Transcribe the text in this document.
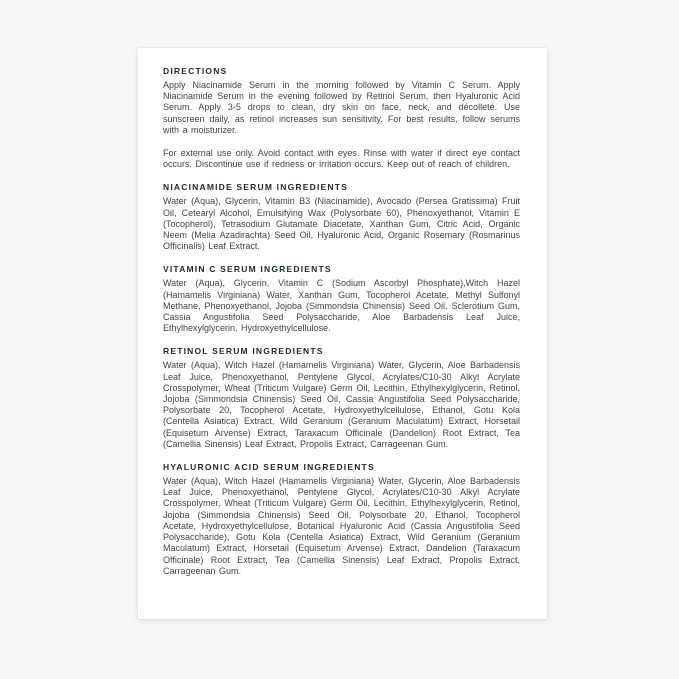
DIRECTIONS

Apply Niacinamide Serum in the morning followed by Vitamin C Serum. Apply Niacinamide Serum in the evening followed by Retinol Serum, then Hyaluronic Acid Serum. Apply 3-5 drops to clean, dry skin on face, neck, and décolleté. Use sunscreen daily, as retinol increases sun sensitivity. For best results, follow serums with a moisturizer.

For external use only. Avoid contact with eyes. Rinse with water if direct eye contact occurs. Discontinue use if redness or irritation occurs. Keep out of reach of children.

NIACINAMIDE SERUM INGREDIENTS

Water (Aqua), Glycerin, Vitamin B3 (Niacinamide), Avocado (Persea Gratissima) Fruit Oil, Cetearyl Alcohol, Emulsifying Wax (Polysorbate 60), Phenoxyethanol, Vitamin E (Tocopherol), Tetrasodium Glutamate Diacetate, Xanthan Gum, Citric Acid, Organic Neem (Melia Azadirachta) Seed Oil, Hyaluronic Acid, Organic Rosemary (Rosmarinus Officinalis) Leaf Extract.

VITAMIN C SERUM INGREDIENTS

Water (Aqua), Glycerin, Vitamin C (Sodium Ascorbyl Phosphate),Witch Hazel (Hamamelis Virginiana) Water, Xanthan Gum, Tocopherol Acetate, Methyl Sulfonyl Methane, Phenoxyethanol, Jojoba (Simmondsia Chinensis) Seed Oil, Sclerotium Gum, Cassia Angustifolia Seed Polysaccharide, Aloe Barbadensis Leaf Juice, Ethylhexylglycerin, Hydroxyethylcellulose.

RETINOL SERUM INGREDIENTS

Water (Aqua), Witch Hazel (Hamamelis Virginiana) Water, Glycerin, Aloe Barbadensis Leaf Juice, Phenoxyethanol, Pentylene Glycol, Acrylates/C10-30 Alkyl Acrylate Crosspolymer, Wheat (Triticum Vulgare) Germ Oil, Lecithin, Ethylhexylglycerin, Retinol, Jojoba (Simmondsia Chinensis) Seed Oil, Cassia Angustifolia Seed Polysaccharide, Polysorbate 20, Tocopherol Acetate, Hydroxyethylcellulose, Ethanol, Gotu Kola (Centella Asiatica) Extract, Wild Geranium (Geranium Maculatum) Extract, Horsetail (Equisetum Arvense) Extract, Taraxacum Officinale (Dandelion) Root Extract, Tea (Camellia Sinensis) Leaf Extract, Propolis Extract, Carrageenan Gum.

HYALURONIC ACID SERUM INGREDIENTS

Water (Aqua), Witch Hazel (Hamamelis Virginiana) Water, Glycerin, Aloe Barbadensis Leaf Juice, Phenoxyethanol, Pentylene Glycol, Acrylates/C10-30 Alkyl Acrylate Crosspolymer, Wheat (Triticum Vulgare) Germ Oil, Lecithin, Ethylhexylglycerin, Retinol, Jojoba (Simmondsia Chinensis) Seed Oil, Polysorbate 20, Ethanol, Tocopherol Acetate, Hydroxyethylcellulose, Botanical Hyaluronic Acid (Cassia Angustifolia Seed Polysaccharide), Gotu Kola (Centella Asiatica) Extract, Wild Geranium (Geranium Maculatum) Extract, Horsetail (Equisetum Arvense) Extract, Dandelion (Taraxacum Officinale) Root Extract, Tea (Camellia Sinensis) Leaf Extract, Propolis Extract, Carrageenan Gum.
